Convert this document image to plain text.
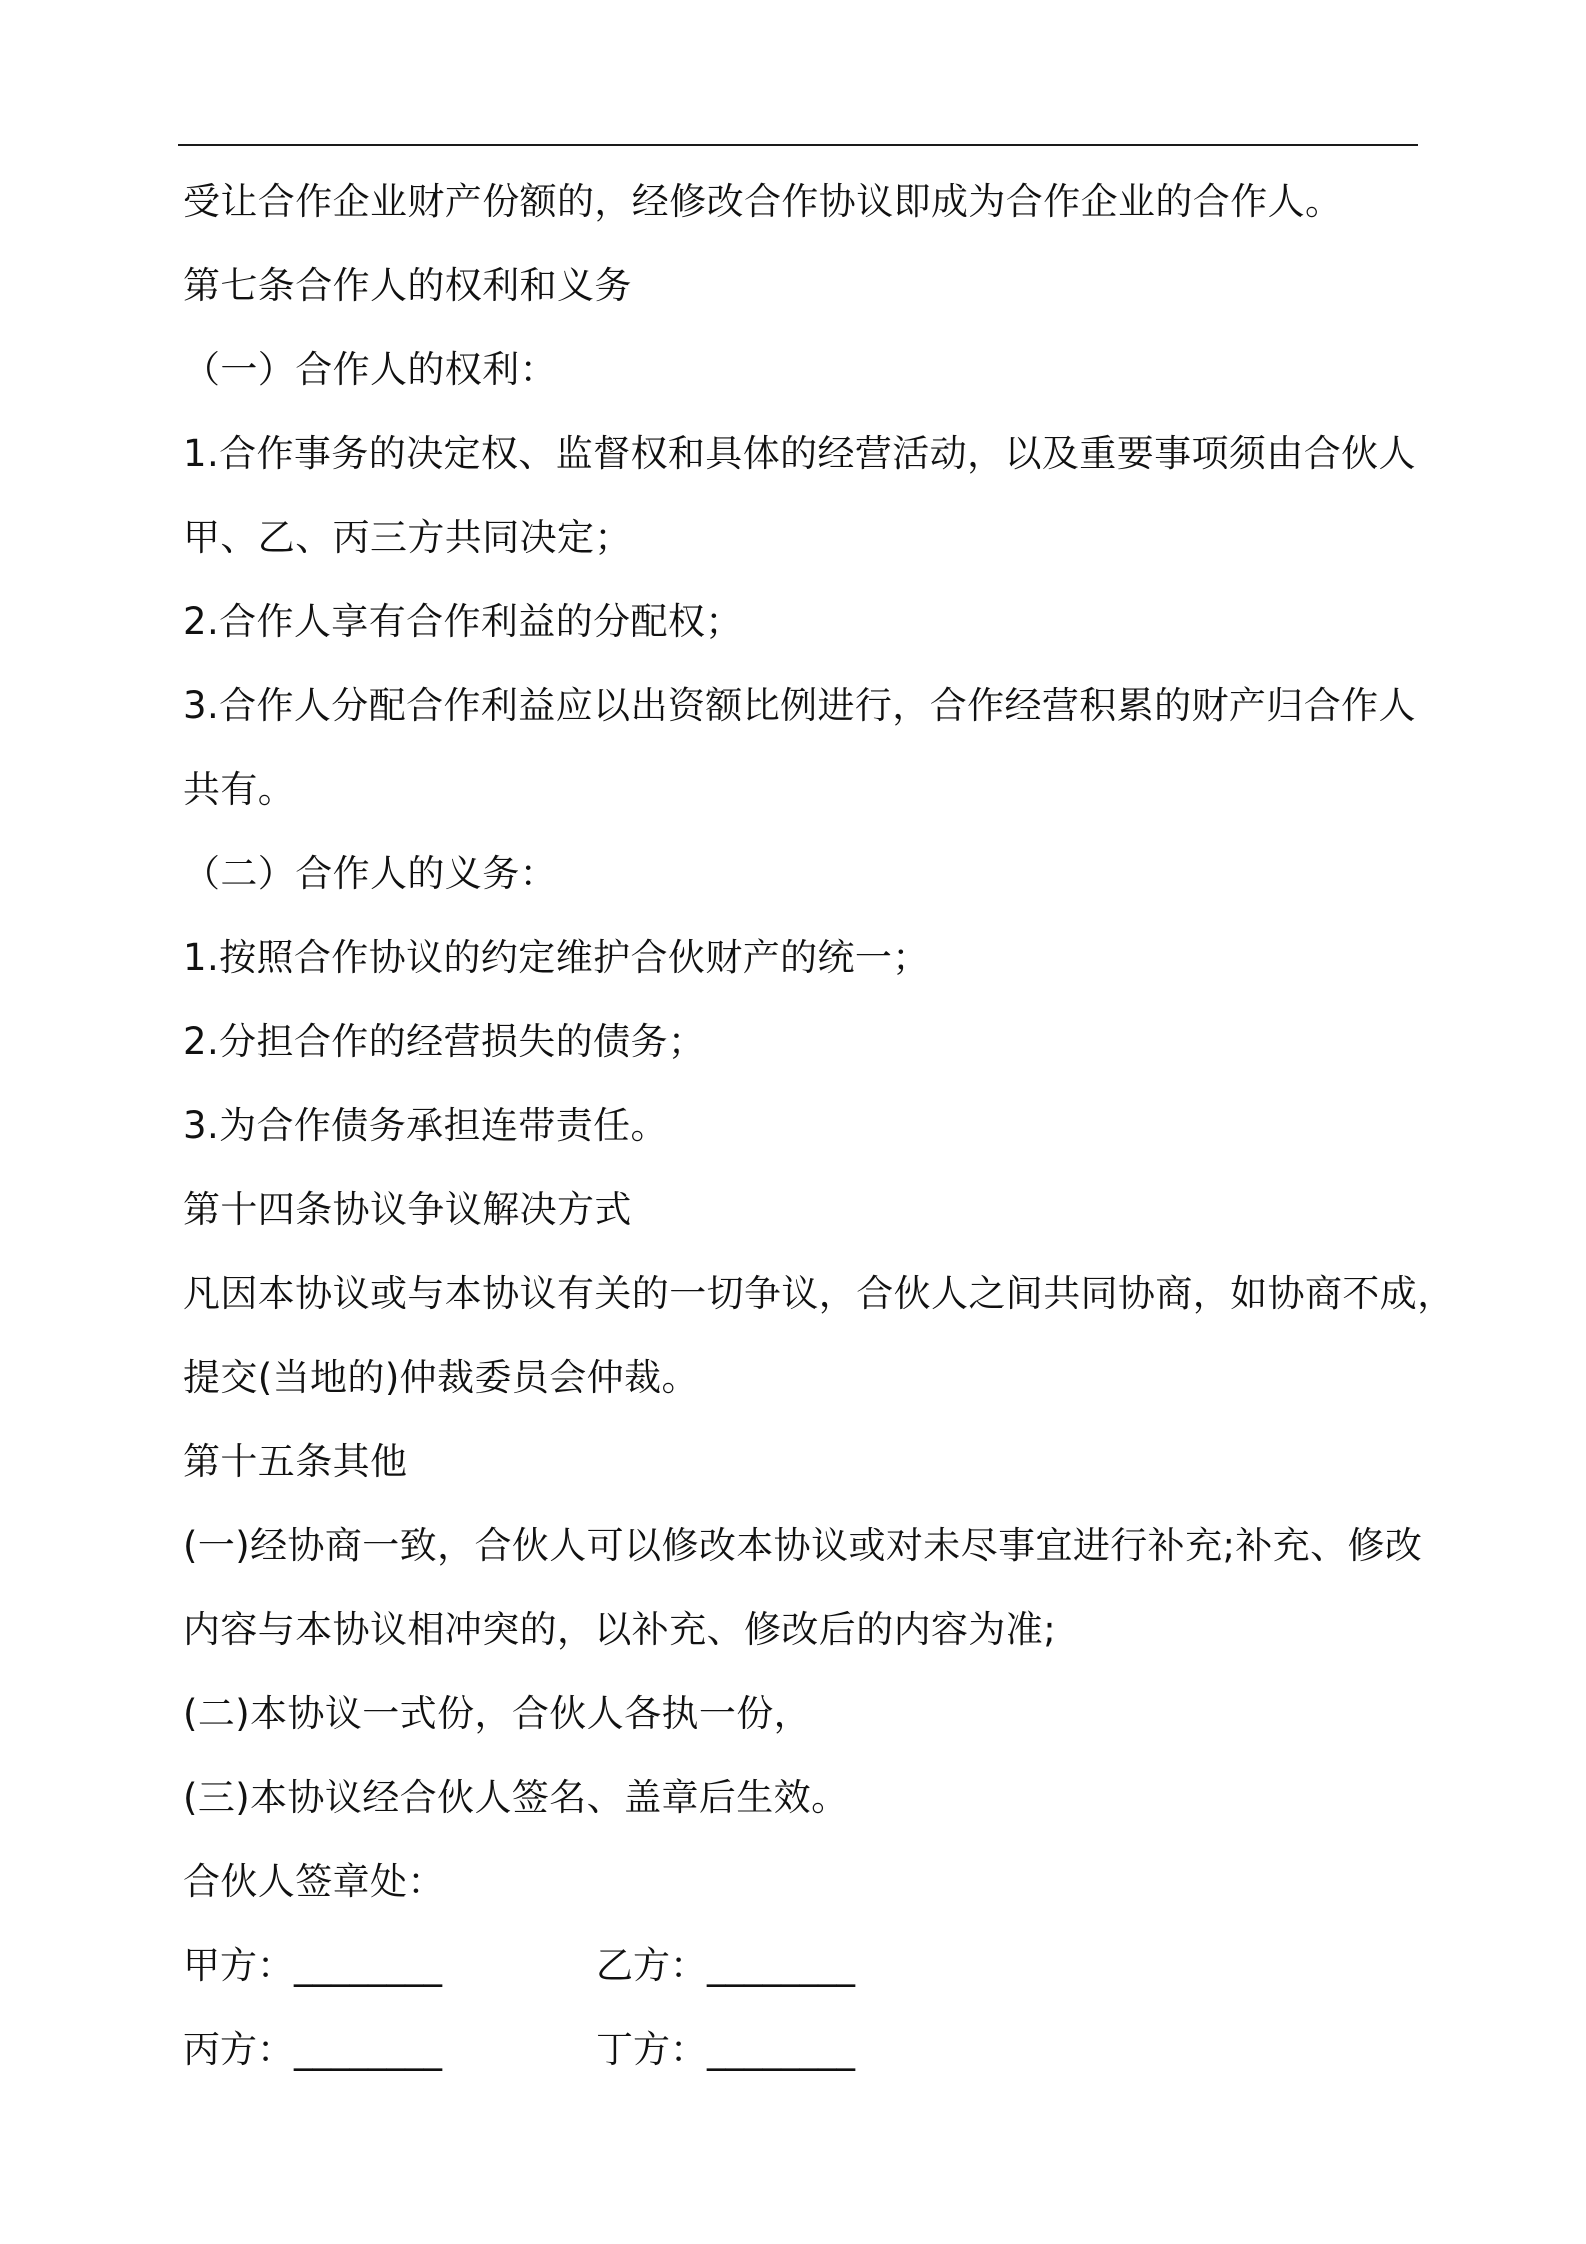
受让合作企业财产份额的，经修改合作协议即成为合作企业的合作人。
第七条合作人的权利和义务
（一）合作人的权利：
1.合作事务的决定权、监督权和具体的经营活动，以及重要事项须由合伙人
甲、乙、丙三方共同决定；
2.合作人享有合作利益的分配权；
3.合作人分配合作利益应以出资额比例进行，合作经营积累的财产归合作人
共有。
（二）合作人的义务：
1.按照合作协议的约定维护合伙财产的统一；
2.分担合作的经营损失的债务；
3.为合作债务承担连带责任。
第十四条协议争议解决方式
凡因本协议或与本协议有关的一切争议，合伙人之间共同协商，如协商不成，
提交(当地的)仲裁委员会仲裁。
第十五条其他
(一)经协商一致，合伙人可以修改本协议或对未尽事宜进行补充;补充、修改
内容与本协议相冲突的，以补充、修改后的内容为准;
(二)本协议一式份，合伙人各执一份，
(三)本协议经合伙人签名、盖章后生效。
合伙人签章处：
甲方：________	乙方：________
丙方：________	丁方：________
